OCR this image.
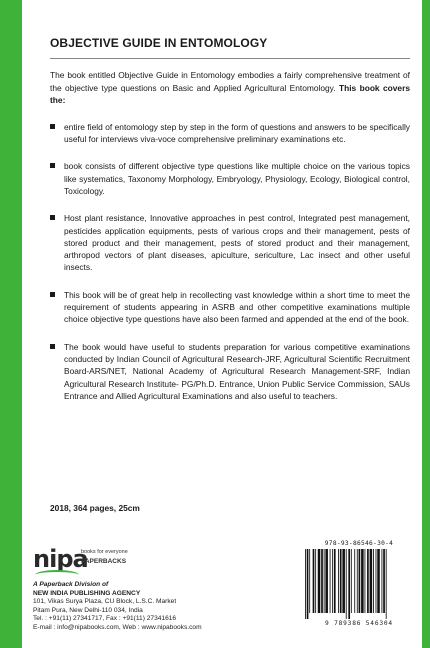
OBJECTIVE GUIDE IN ENTOMOLOGY

The book entitled Objective Guide in Entomology embodies a fairly comprehensive treatment of the objective type questions on Basic and Applied Agricultural Entomology. This book covers the:

entire field of entomology step by step in the form of questions and answers to be specifically useful for interviews viva-voce comprehensive preliminary examinations etc.
book consists of different objective type questions like multiple choice on the various topics like systematics, Taxonomy Morphology, Embryology, Physiology, Ecology, Biological control, Toxicology.
Host plant resistance, Innovative approaches in pest control, Integrated pest management, pesticides application equipments, pests of various crops and their management, pests of stored product and their management, pests of stored product and their management, arthropod vectors of plant diseases, apiculture, sericulture, Lac insect and other useful insects.
This book will be of great help in recollecting vast knowledge within a short time to meet the requirement of students appearing in ASRB and other competitive examinations multiple choice objective type questions have also been farmed and appended at the end of the book.
The book would have useful to students preparation for various competitive examinations conducted by Indian Council of Agricultural Research-JRF, Agricultural Scientific Recruitment Board-ARS/NET, National Academy of Agricultural Research Management-SRF, Indian Agricultural Research Institute- PG/Ph.D. Entrance, Union Public Service Commission, SAUs Entrance and Allied Agricultural Examinations and also useful to teachers.
2018, 364 pages, 25cm
nipa
books for everyone
PAPERBACKS
A Paperback Division of
NEW INDIA PUBLISHING AGENCY
101, Vikas Surya Plaza, CU Block, L.S.C. Market
Pitam Pura, New Delhi-110 034, India
Tel. : +91(11) 27341717, Fax : +91(11) 27341616
E-mail : info@nipabooks.com, Web : www.nipabooks.com
978-93-86546-30-4
9 789386 546304
